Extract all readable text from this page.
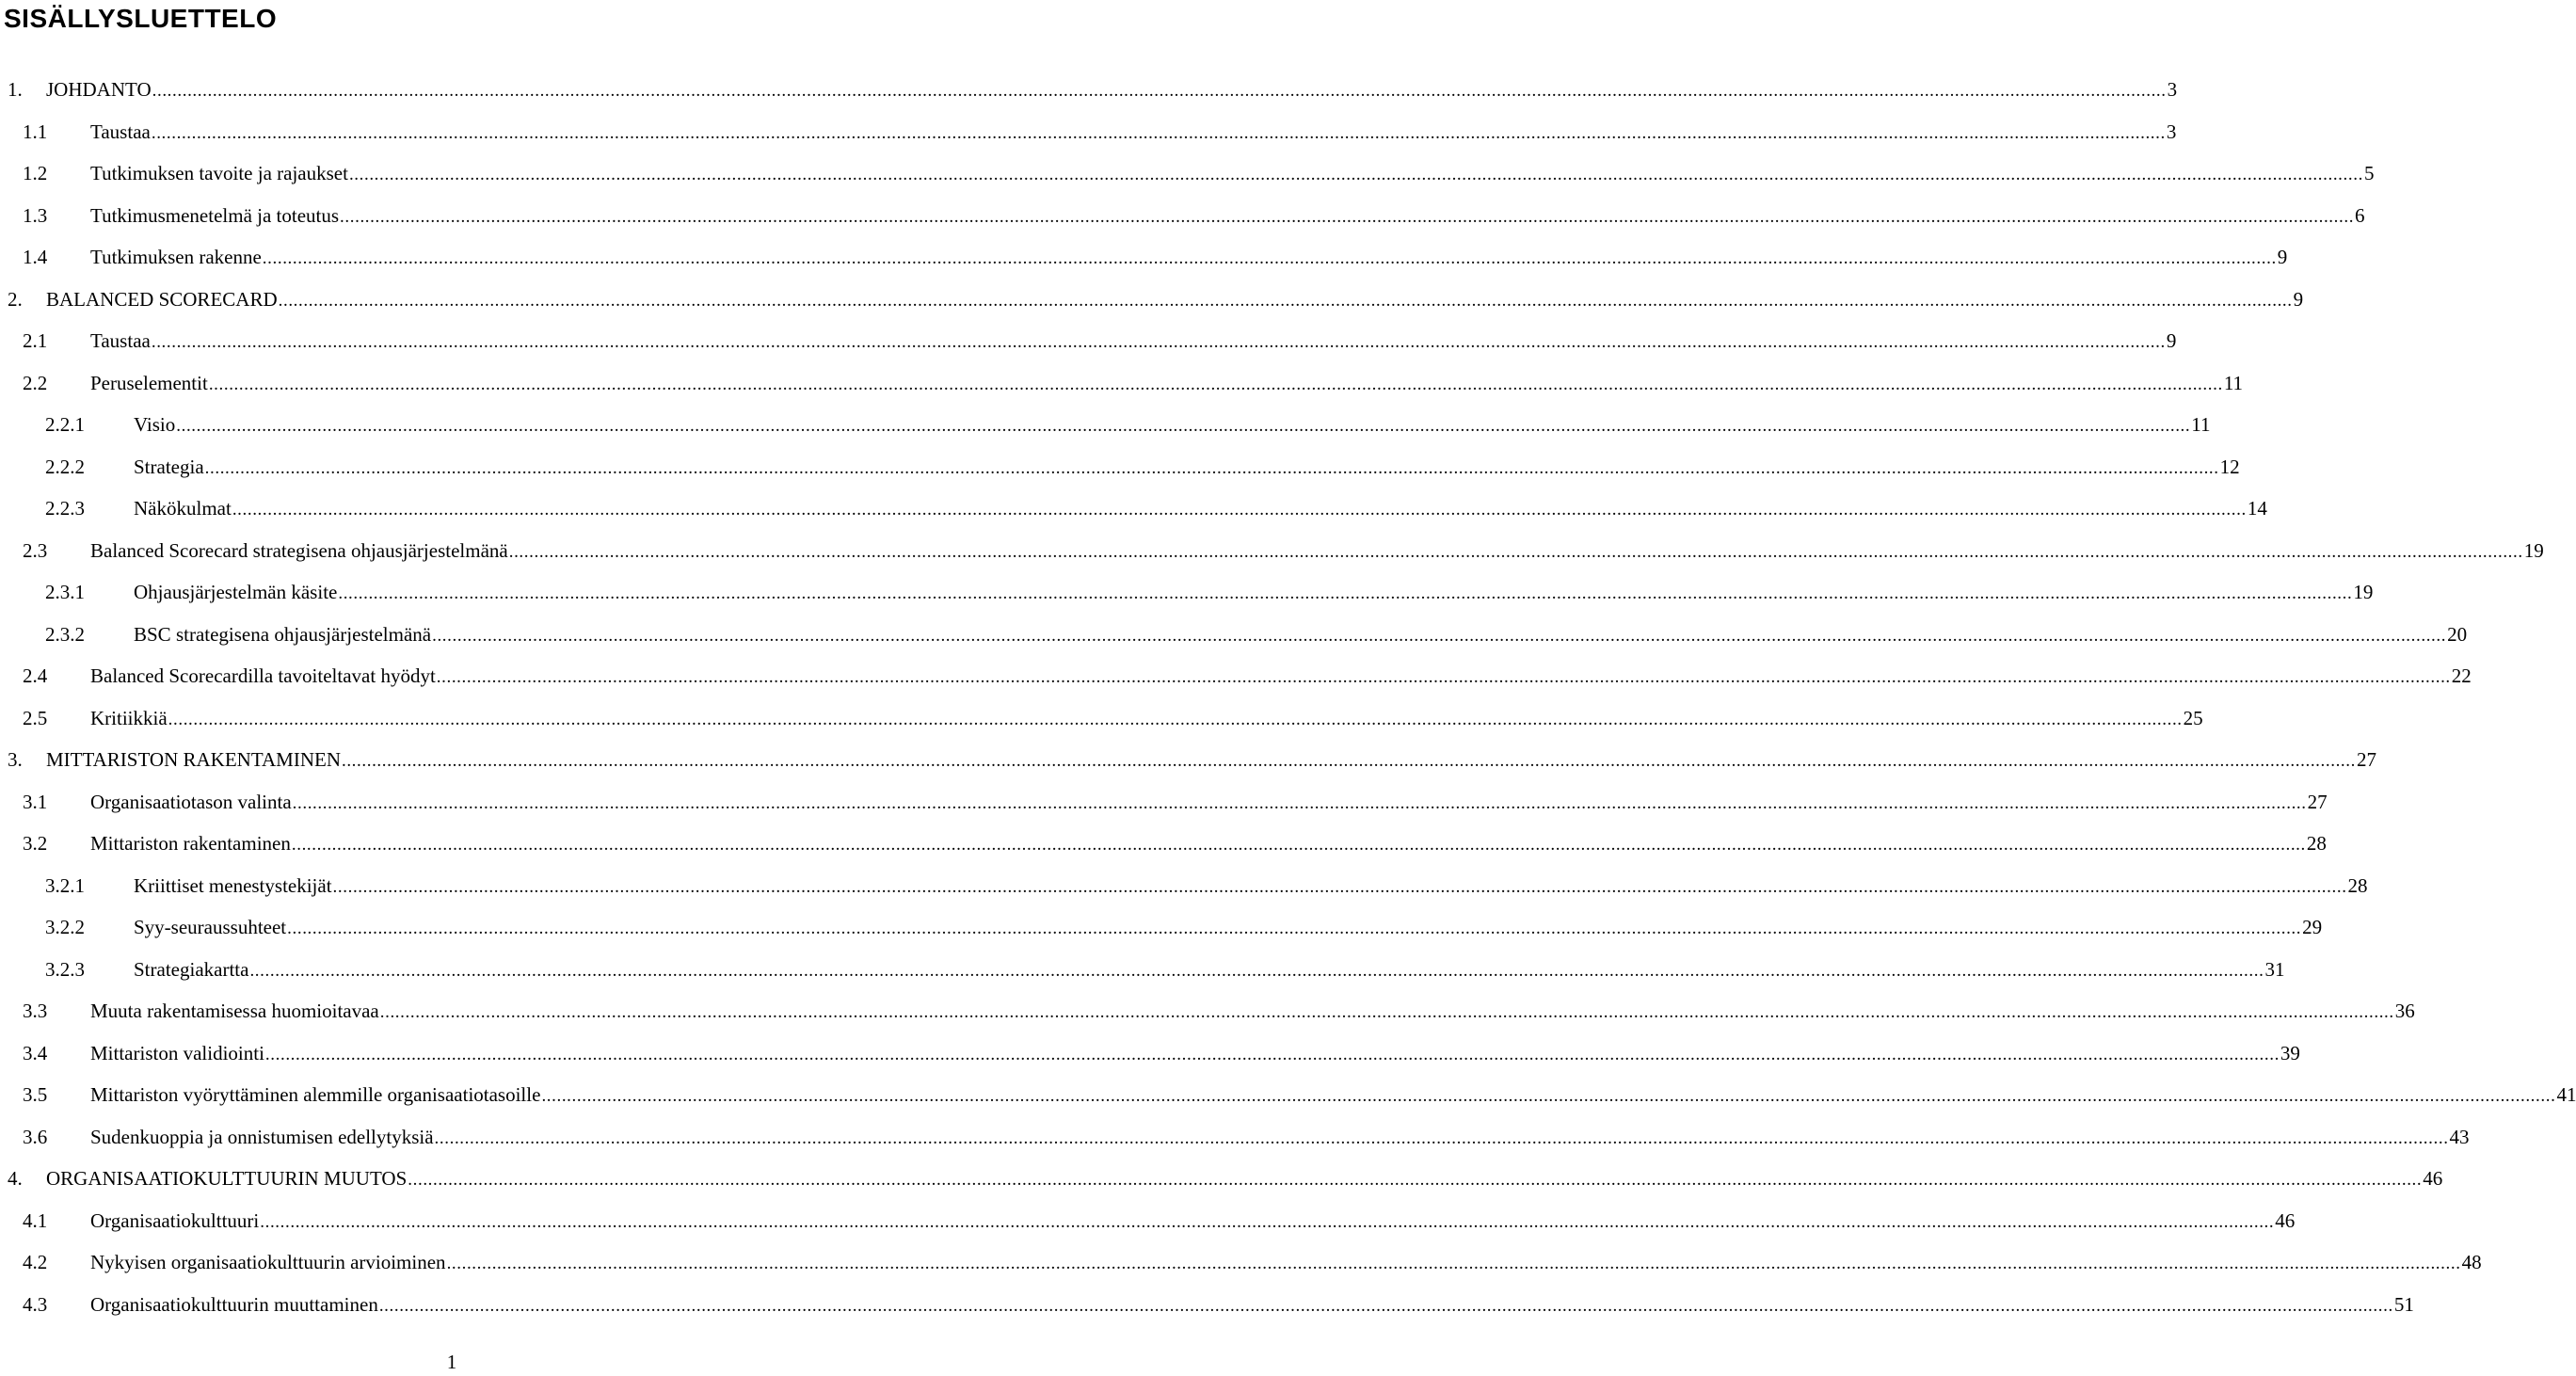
SISÄLLYSLUETTELO
1. JOHDANTO ................................................................................................................................................................................................................................................................................................................................................................................................................ 3
1.1 Taustaa ................................................................................................................................................................................................................................................................................................................................................................................................................ 3
1.2 Tutkimuksen tavoite ja rajaukset ................................................................................................................................................................................................................................................................................................................................................................................................................ 5
1.3 Tutkimusmenetelmä ja toteutus ................................................................................................................................................................................................................................................................................................................................................................................................................ 6
1.4 Tutkimuksen rakenne ................................................................................................................................................................................................................................................................................................................................................................................................................ 9
2. BALANCED SCORECARD ................................................................................................................................................................................................................................................................................................................................................................................................................ 9
2.1 Taustaa ................................................................................................................................................................................................................................................................................................................................................................................................................ 9
2.2 Peruselementit ................................................................................................................................................................................................................................................................................................................................................................................................................ 11
2.2.1 Visio ................................................................................................................................................................................................................................................................................................................................................................................................................ 11
2.2.2 Strategia ................................................................................................................................................................................................................................................................................................................................................................................................................ 12
2.2.3 Näkökulmat ................................................................................................................................................................................................................................................................................................................................................................................................................ 14
2.3 Balanced Scorecard strategisena ohjausjärjestelmänä ................................................................................................................................................................................................................................................................................................................................................................................................................ 19
2.3.1 Ohjausjärjestelmän käsite ................................................................................................................................................................................................................................................................................................................................................................................................................ 19
2.3.2 BSC strategisena ohjausjärjestelmänä ................................................................................................................................................................................................................................................................................................................................................................................................................ 20
2.4 Balanced Scorecardilla tavoiteltavat hyödyt ................................................................................................................................................................................................................................................................................................................................................................................................................ 22
2.5 Kritiikkiä ................................................................................................................................................................................................................................................................................................................................................................................................................ 25
3. MITTARISTON RAKENTAMINEN ................................................................................................................................................................................................................................................................................................................................................................................................................ 27
3.1 Organisaatiotason valinta ................................................................................................................................................................................................................................................................................................................................................................................................................ 27
3.2 Mittariston rakentaminen ................................................................................................................................................................................................................................................................................................................................................................................................................ 28
3.2.1 Kriittiset menestystekijät ................................................................................................................................................................................................................................................................................................................................................................................................................ 28
3.2.2 Syy-seuraussuhteet ................................................................................................................................................................................................................................................................................................................................................................................................................ 29
3.2.3 Strategiakartta ................................................................................................................................................................................................................................................................................................................................................................................................................ 31
3.3 Muuta rakentamisessa huomioitavaa ................................................................................................................................................................................................................................................................................................................................................................................................................ 36
3.4 Mittariston validiointi ................................................................................................................................................................................................................................................................................................................................................................................................................ 39
3.5 Mittariston vyöryttäminen alemmille organisaatiotasoille ................................................................................................................................................................................................................................................................................................................................................................................................................ 41
3.6 Sudenkuoppia ja onnistumisen edellytyksiä ................................................................................................................................................................................................................................................................................................................................................................................................................ 43
4. ORGANISAATIOKULTTUURIN MUUTOS ................................................................................................................................................................................................................................................................................................................................................................................................................ 46
4.1 Organisaatiokulttuuri ................................................................................................................................................................................................................................................................................................................................................................................................................ 46
4.2 Nykyisen organisaatiokulttuurin arvioiminen ................................................................................................................................................................................................................................................................................................................................................................................................................ 48
4.3 Organisaatiokulttuurin muuttaminen ................................................................................................................................................................................................................................................................................................................................................................................................................ 51
1
